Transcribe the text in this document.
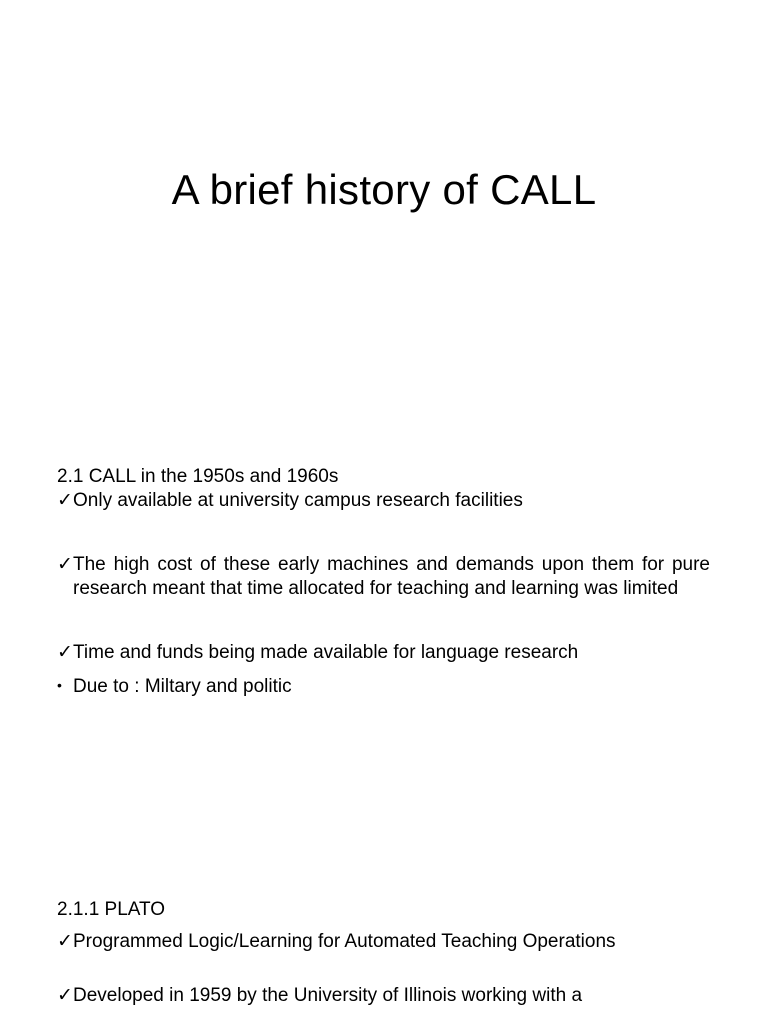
A brief history of CALL

2.1 CALL in the 1950s and 1960s

✓Only available at university campus research facilities

✓The high cost of these early machines and demands upon them for pure research meant that time allocated for teaching and learning was limited

✓Time and funds being made available for language research

• Due to : Miltary and politic

2.1.1 PLATO

✓Programmed Logic/Learning for Automated Teaching Operations

✓Developed in 1959 by the University of Illinois working with a
